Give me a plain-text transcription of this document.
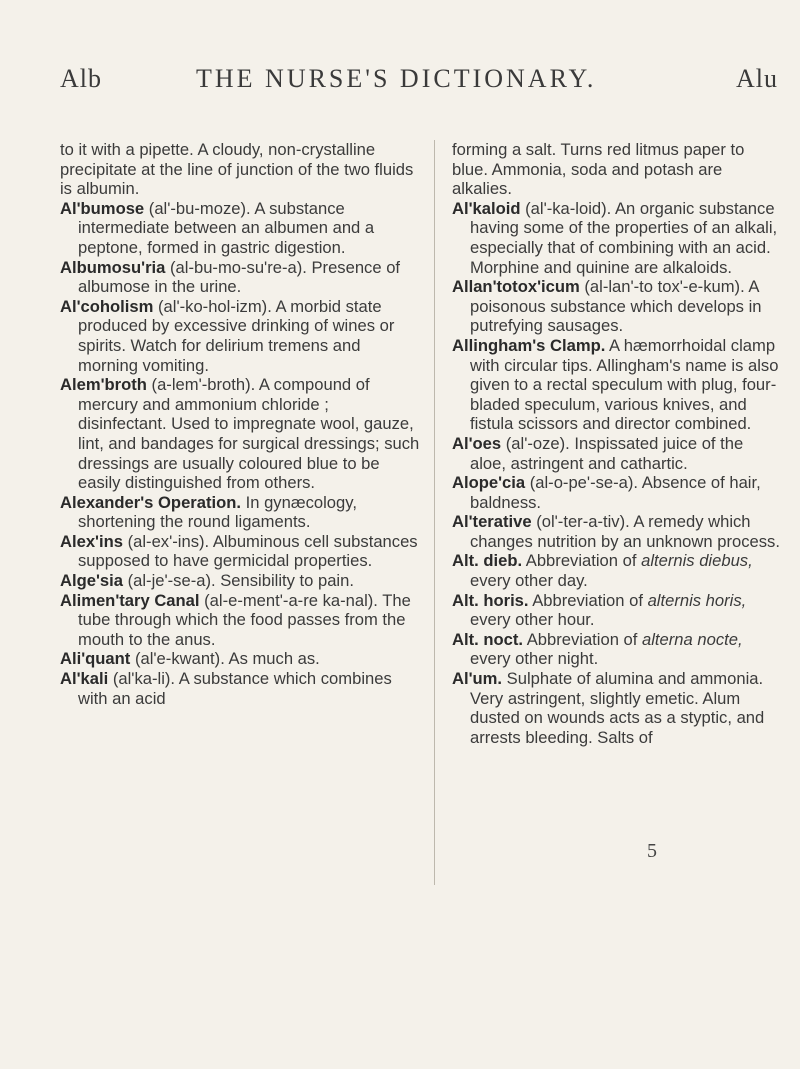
Alb	THE NURSE'S DICTIONARY.	Alu

to it with a pipette. A cloudy, non-crystalline precipitate at the line of junction of the two fluids is albumin.

Al'bumose (al'-bu-moze). A substance intermediate between an albumen and a peptone, formed in gastric digestion.

Albumosu'ria (al-bu-mo-su're-a). Presence of albumose in the urine.

Al'coholism (al'-ko-hol-izm). A morbid state produced by excessive drinking of wines or spirits. Watch for delirium tremens and morning vomiting.

Alem'broth (a-lem'-broth). A compound of mercury and ammonium chloride ; disinfectant. Used to impregnate wool, gauze, lint, and bandages for surgical dressings; such dressings are usually coloured blue to be easily distinguished from others.

Alexander's Operation. In gynæcology, shortening the round ligaments.

Alex'ins (al-ex'-ins). Albuminous cell substances supposed to have germicidal properties.

Alge'sia (al-je'-se-a). Sensibility to pain.

Alimen'tary Canal (al-e-ment'-a-re ka-nal). The tube through which the food passes from the mouth to the anus.

Ali'quant (al'e-kwant). As much as.

Al'kali (al'ka-li). A substance which combines with an acid

forming a salt. Turns red litmus paper to blue. Ammonia, soda and potash are alkalies.

Al'kaloid (al'-ka-loid). An organic substance having some of the properties of an alkali, especially that of combining with an acid. Morphine and quinine are alkaloids.

Allan'totox'icum (al-lan'-to tox'-e-kum). A poisonous substance which develops in putrefying sausages.

Allingham's Clamp. A hæmorrhoidal clamp with circular tips. Allingham's name is also given to a rectal speculum with plug, four-bladed speculum, various knives, and fistula scissors and director combined.

Al'oes (al'-oze). Inspissated juice of the aloe, astringent and cathartic.

Alope'cia (al-o-pe'-se-a). Absence of hair, baldness.

Al'terative (ol'-ter-a-tiv). A remedy which changes nutrition by an unknown process.

Alt. dieb. Abbreviation of alternis diebus, every other day.

Alt. horis. Abbreviation of alternis horis, every other hour.

Alt. noct. Abbreviation of alterna nocte, every other night.

Al'um. Sulphate of alumina and ammonia. Very astringent, slightly emetic. Alum dusted on wounds acts as a styptic, and arrests bleeding. Salts of

5
